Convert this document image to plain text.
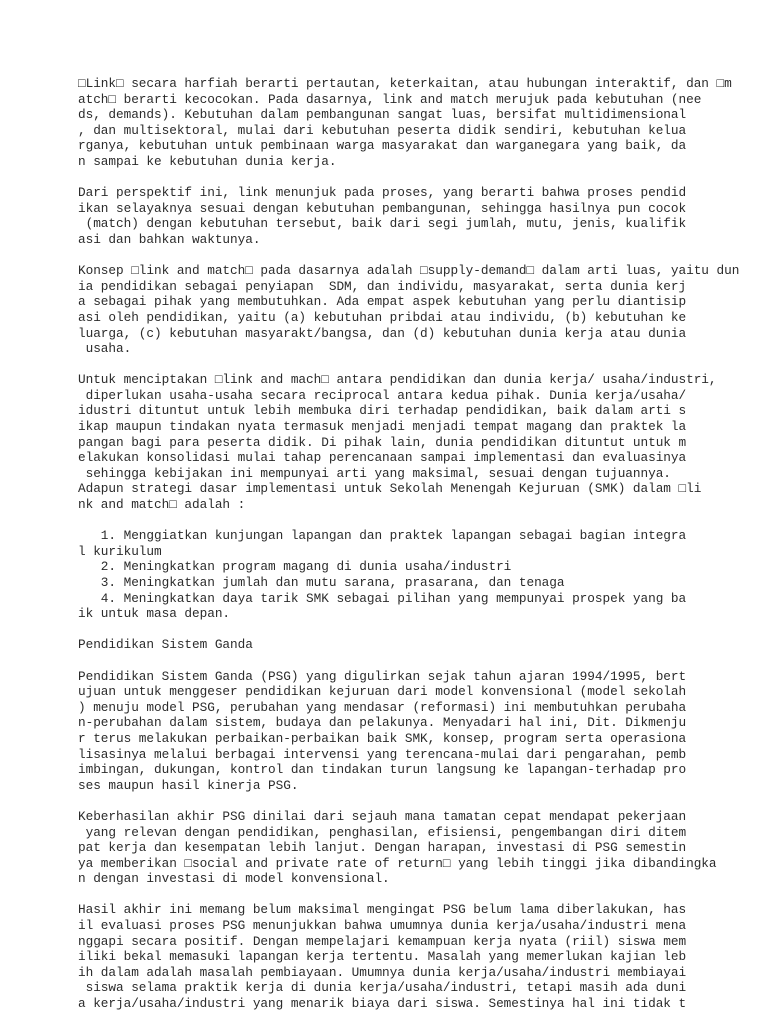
□Link□ secara harfiah berarti pertautan, keterkaitan, atau hubungan interaktif, dan □m
atch□ berarti kecocokan. Pada dasarnya, link and match merujuk pada kebutuhan (nee
ds, demands). Kebutuhan dalam pembangunan sangat luas, bersifat multidimensional
, dan multisektoral, mulai dari kebutuhan peserta didik sendiri, kebutuhan kelua
rganya, kebutuhan untuk pembinaan warga masyarakat dan warganegara yang baik, da
n sampai ke kebutuhan dunia kerja.
Dari perspektif ini, link menunjuk pada proses, yang berarti bahwa proses pendid
ikan selayaknya sesuai dengan kebutuhan pembangunan, sehingga hasilnya pun cocok
(match) dengan kebutuhan tersebut, baik dari segi jumlah, mutu, jenis, kualifik
asi dan bahkan waktunya.
Konsep □link and match□ pada dasarnya adalah □supply-demand□ dalam arti luas, yaitu dun
ia pendidikan sebagai penyiapan  SDM, dan individu, masyarakat, serta dunia kerj
a sebagai pihak yang membutuhkan. Ada empat aspek kebutuhan yang perlu diantisip
asi oleh pendidikan, yaitu (a) kebutuhan pribdai atau individu, (b) kebutuhan ke
luarga, (c) kebutuhan masyarakt/bangsa, dan (d) kebutuhan dunia kerja atau dunia
usaha.
Untuk menciptakan □link and mach□ antara pendidikan dan dunia kerja/ usaha/industri,
diperlukan usaha-usaha secara reciprocal antara kedua pihak. Dunia kerja/usaha/
idustri dituntut untuk lebih membuka diri terhadap pendidikan, baik dalam arti s
ikap maupun tindakan nyata termasuk menjadi menjadi tempat magang dan praktek la
pangan bagi para peserta didik. Di pihak lain, dunia pendidikan dituntut untuk m
elakukan konsolidasi mulai tahap perencanaan sampai implementasi dan evaluasinya
sehingga kebijakan ini mempunyai arti yang maksimal, sesuai dengan tujuannya.
Adapun strategi dasar implementasi untuk Sekolah Menengah Kejuruan (SMK) dalam □li
nk and match□ adalah :
1. Menggiatkan kunjungan lapangan dan praktek lapangan sebagai bagian integra
l kurikulum
2. Meningkatkan program magang di dunia usaha/industri
3. Meningkatkan jumlah dan mutu sarana, prasarana, dan tenaga
4. Meningkatkan daya tarik SMK sebagai pilihan yang mempunyai prospek yang ba
ik untuk masa depan.
Pendidikan Sistem Ganda
Pendidikan Sistem Ganda (PSG) yang digulirkan sejak tahun ajaran 1994/1995, bert
ujuan untuk menggeser pendidikan kejuruan dari model konvensional (model sekolah
) menuju model PSG, perubahan yang mendasar (reformasi) ini membutuhkan perubaha
n-perubahan dalam sistem, budaya dan pelakunya. Menyadari hal ini, Dit. Dikmenju
r terus melakukan perbaikan-perbaikan baik SMK, konsep, program serta operasiona
lisasinya melalui berbagai intervensi yang terencana-mulai dari pengarahan, pemb
imbingan, dukungan, kontrol dan tindakan turun langsung ke lapangan-terhadap pro
ses maupun hasil kinerja PSG.
Keberhasilan akhir PSG dinilai dari sejauh mana tamatan cepat mendapat pekerjaan
yang relevan dengan pendidikan, penghasilan, efisiensi, pengembangan diri ditem
pat kerja dan kesempatan lebih lanjut. Dengan harapan, investasi di PSG semestin
ya memberikan □social and private rate of return□ yang lebih tinggi jika dibandingka
n dengan investasi di model konvensional.
Hasil akhir ini memang belum maksimal mengingat PSG belum lama diberlakukan, has
il evaluasi proses PSG menunjukkan bahwa umumnya dunia kerja/usaha/industri mena
nggapi secara positif. Dengan mempelajari kemampuan kerja nyata (riil) siswa mem
iliki bekal memasuki lapangan kerja tertentu. Masalah yang memerlukan kajian leb
ih dalam adalah masalah pembiayaan. Umumnya dunia kerja/usaha/industri membiayai
siswa selama praktik kerja di dunia kerja/usaha/industri, tetapi masih ada duni
a kerja/usaha/industri yang menarik biaya dari siswa. Semestinya hal ini tidak t
